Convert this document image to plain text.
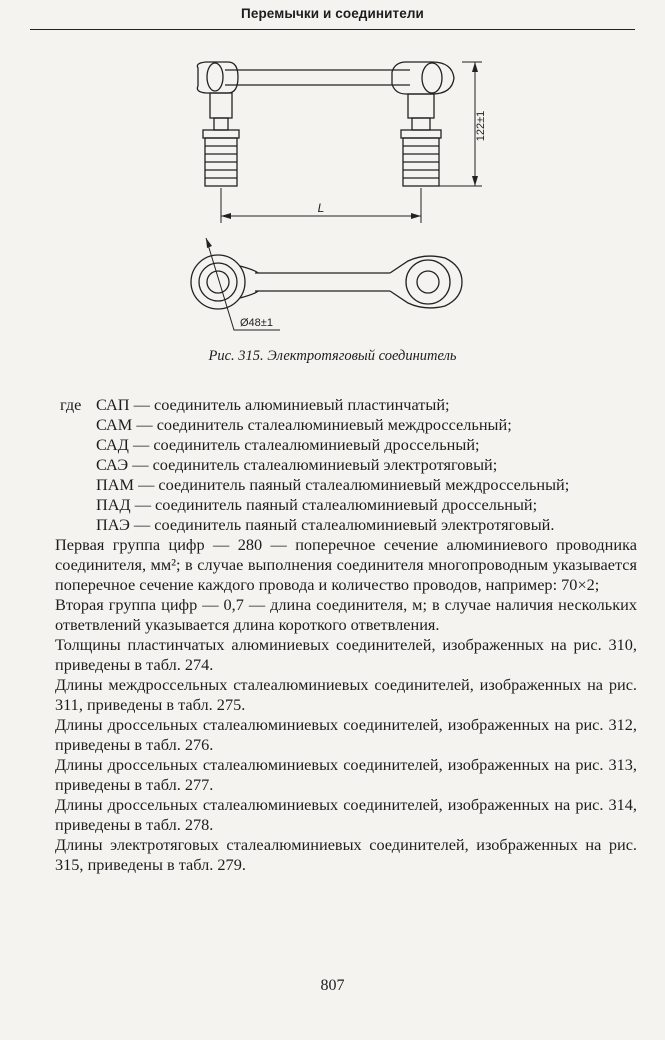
Перемычки и соединители
122±1
L
Ø48±1
Рис. 315. Электротяговый соединитель
где САП — соединитель алюминиевый пластинчатый;
САМ — соединитель сталеалюминиевый междроссельный;
САД — соединитель сталеалюминиевый дроссельный;
САЭ — соединитель сталеалюминиевый электротяговый;
ПАМ — соединитель паяный сталеалюминиевый междроссельный;
ПАД — соединитель паяный сталеалюминиевый дроссельный;
ПАЭ — соединитель паяный сталеалюминиевый электротяговый.
Первая группа цифр — 280 — поперечное сечение алюминиевого проводника соединителя, мм²; в случае выполнения соединителя многопроводным указывается поперечное сечение каждого провода и количество проводов, например: 70×2;
Вторая группа цифр — 0,7 — длина соединителя, м; в случае наличия нескольких ответвлений указывается длина короткого ответвления.
Толщины пластинчатых алюминиевых соединителей, изображенных на рис. 310, приведены в табл. 274.
Длины междроссельных сталеалюминиевых соединителей, изображенных на рис. 311, приведены в табл. 275.
Длины дроссельных сталеалюминиевых соединителей, изображенных на рис. 312, приведены в табл. 276.
Длины дроссельных сталеалюминиевых соединителей, изображенных на рис. 313, приведены в табл. 277.
Длины дроссельных сталеалюминиевых соединителей, изображенных на рис. 314, приведены в табл. 278.
Длины электротяговых сталеалюминиевых соединителей, изображенных на рис. 315, приведены в табл. 279.
807
